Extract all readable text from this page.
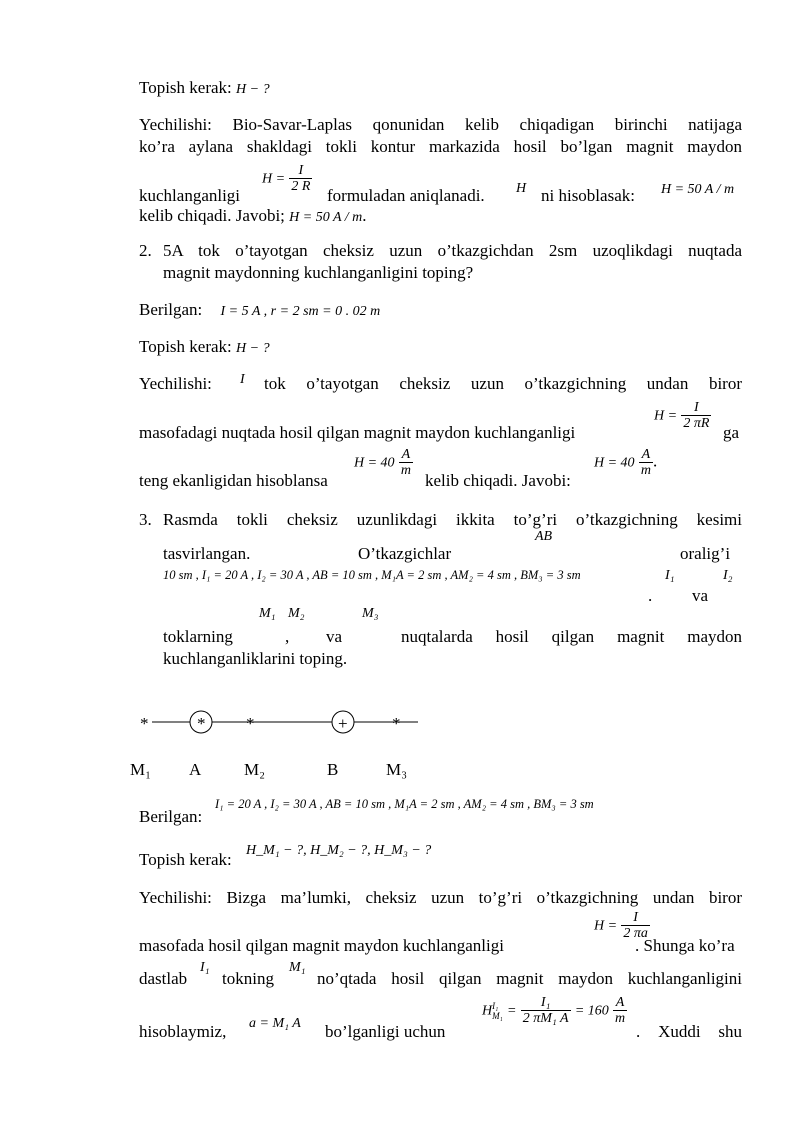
Topish kerak: H − ?
Yechilishi: Bio-Savar-Laplas qonunidan kelib chiqadigan birinchi natijaga
ko’ra aylana shakldagi tokli kontur markazida hosil bo’lgan magnit maydon
kuchlanganligi
$H = \frac{I}{2 R}$
formuladan aniqlanadi. H ni hisoblasak: H = 50 A / m
kelib chiqadi. Javobi; H = 50 A / m.
2. 5A tok o’tayotgan cheksiz uzun o’tkazgichdan 2sm uzoqlikdagi nuqtada
magnit maydonning kuchlanganligini toping?
Berilgan: I = 5 A , r = 2 sm = 0 . 02 m
Topish kerak: H − ?
Yechilishi: I tok o’tayotgan cheksiz uzun o’tkazgichning undan biror
masofadagi nuqtada hosil qilgan magnit maydon kuchlanganligi
$H = \frac{I}{2 \pi R}$
ga
teng ekanligidan hisoblansa
$H = 40 \frac{A}{m}$
kelib chiqadi. Javobi:
$H = 40 \frac{A}{m}$ .
3. Rasmda tokli cheksiz uzunlikdagi ikkita to’g’ri o’tkazgichning kesimi
tasvirlangan.
AB
O’tkazgichlar	oralig’i
10 sm , I₁ = 20 A , I₂ = 30 A , AB = 10 sm , M₁A = 2 sm , AM₂ = 4 sm , BM₃ = 3 sm
.
I₁
va
I₂
toklarning
M₁ M₂
, va
M₃
nuqtalarda hosil qilgan magnit maydon
kuchlanganliklarini toping.
*	* *	+	*
M₁ A	M₂	B	M₃
Berilgan:
I₁ = 20 A , I₂ = 30 A , AB = 10 sm , M₁A = 2 sm , AM₂ = 4 sm , BM₃ = 3 sm
Topish kerak: H_M₁ − ?, H_M₂ − ?, H_M₃ − ?
Yechilishi: Bizga ma’lumki, cheksiz uzun to’g’ri o’tkazgichning undan biror
masofada hosil qilgan magnit maydon kuchlanganligi
$H = \frac{I}{2 \pi a}$
. Shunga ko’ra
dastlab
I₁
tokning
M₁
no’qtada hosil qilgan magnit maydon kuchlanganligini
hisoblaymiz, a = M₁ A bo’lganligi uchun
H I₁
$M_1 = \frac{\text{I₁}}{\text{2 πM₁ A}} = 160 \frac{A}{m}$
. Xuddi shu
